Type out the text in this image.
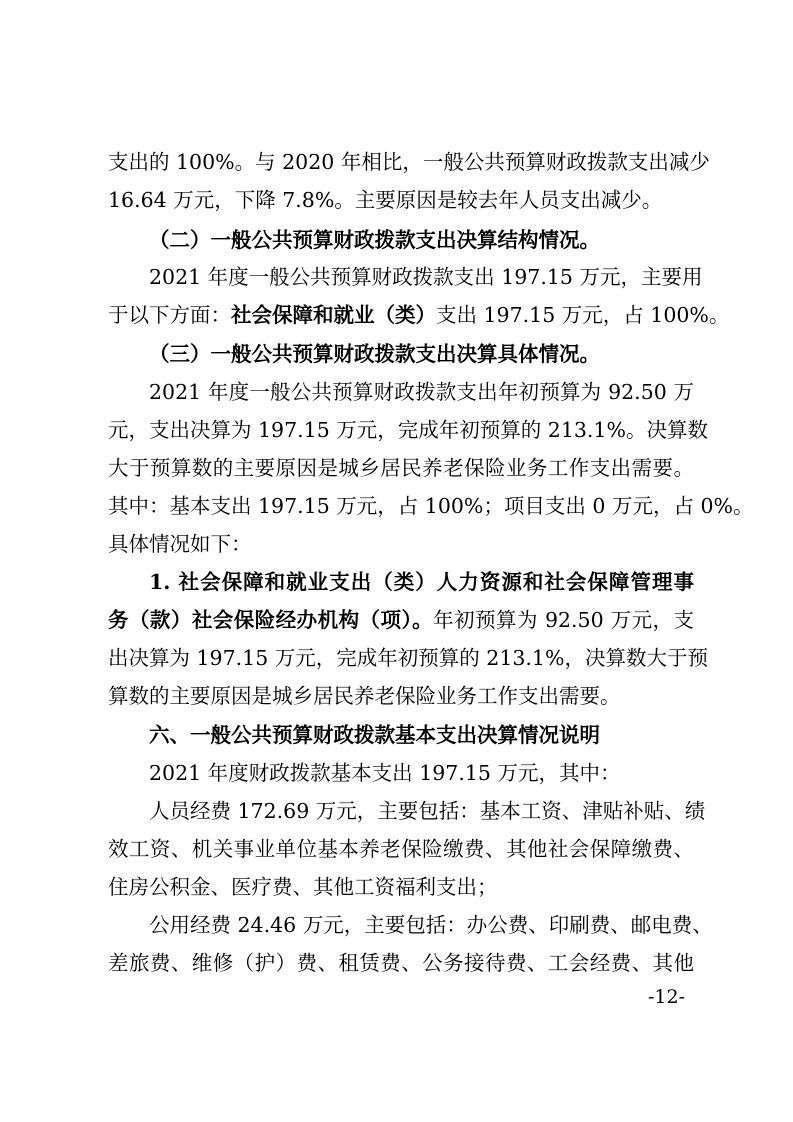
支出的 100%。与 2020 年相比，一般公共预算财政拨款支出减少
16.64 万元，下降 7.8%。主要原因是较去年人员支出减少。
（二）一般公共预算财政拨款支出决算结构情况。
2021 年度一般公共预算财政拨款支出 197.15 万元，主要用
于以下方面：社会保障和就业（类）支出 197.15 万元，占 100%。
（三）一般公共预算财政拨款支出决算具体情况。
2021 年度一般公共预算财政拨款支出年初预算为 92.50 万
元，支出决算为 197.15 万元，完成年初预算的 213.1%。决算数
大于预算数的主要原因是城乡居民养老保险业务工作支出需要。
其中：基本支出 197.15 万元，占 100%；项目支出 0 万元，占 0%。
具体情况如下：
1. 社会保障和就业支出（类）人力资源和社会保障管理事
务（款）社会保险经办机构（项）。年初预算为 92.50 万元，支
出决算为 197.15 万元，完成年初预算的 213.1%，决算数大于预
算数的主要原因是城乡居民养老保险业务工作支出需要。
六、一般公共预算财政拨款基本支出决算情况说明
2021 年度财政拨款基本支出 197.15 万元，其中：
人员经费 172.69 万元，主要包括：基本工资、津贴补贴、绩
效工资、机关事业单位基本养老保险缴费、其他社会保障缴费、
住房公积金、医疗费、其他工资福利支出；
公用经费 24.46 万元，主要包括：办公费、印刷费、邮电费、
差旅费、维修（护）费、租赁费、公务接待费、工会经费、其他
-12-
